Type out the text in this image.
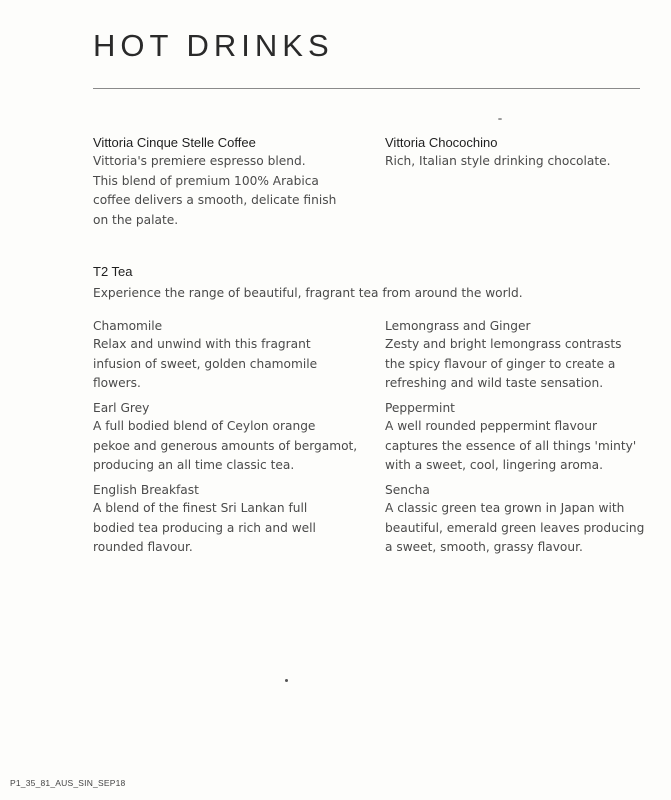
HOT DRINKS
Vittoria Cinque Stelle Coffee
Vittoria's premiere espresso blend.
This blend of premium 100% Arabica
coffee delivers a smooth, delicate finish
on the palate.
Vittoria Chocochino
Rich, Italian style drinking chocolate.
T2 Tea
Experience the range of beautiful, fragrant tea from around the world.
Chamomile
Relax and unwind with this fragrant
infusion of sweet, golden chamomile
flowers.
Lemongrass and Ginger
Zesty and bright lemongrass contrasts
the spicy flavour of ginger to create a
refreshing and wild taste sensation.
Earl Grey
A full bodied blend of Ceylon orange
pekoe and generous amounts of bergamot,
producing an all time classic tea.
Peppermint
A well rounded peppermint flavour
captures the essence of all things 'minty'
with a sweet, cool, lingering aroma.
English Breakfast
A blend of the finest Sri Lankan full
bodied tea producing a rich and well
rounded flavour.
Sencha
A classic green tea grown in Japan with
beautiful, emerald green leaves producing
a sweet, smooth, grassy flavour.
P1_35_81_AUS_SIN_SEP18
